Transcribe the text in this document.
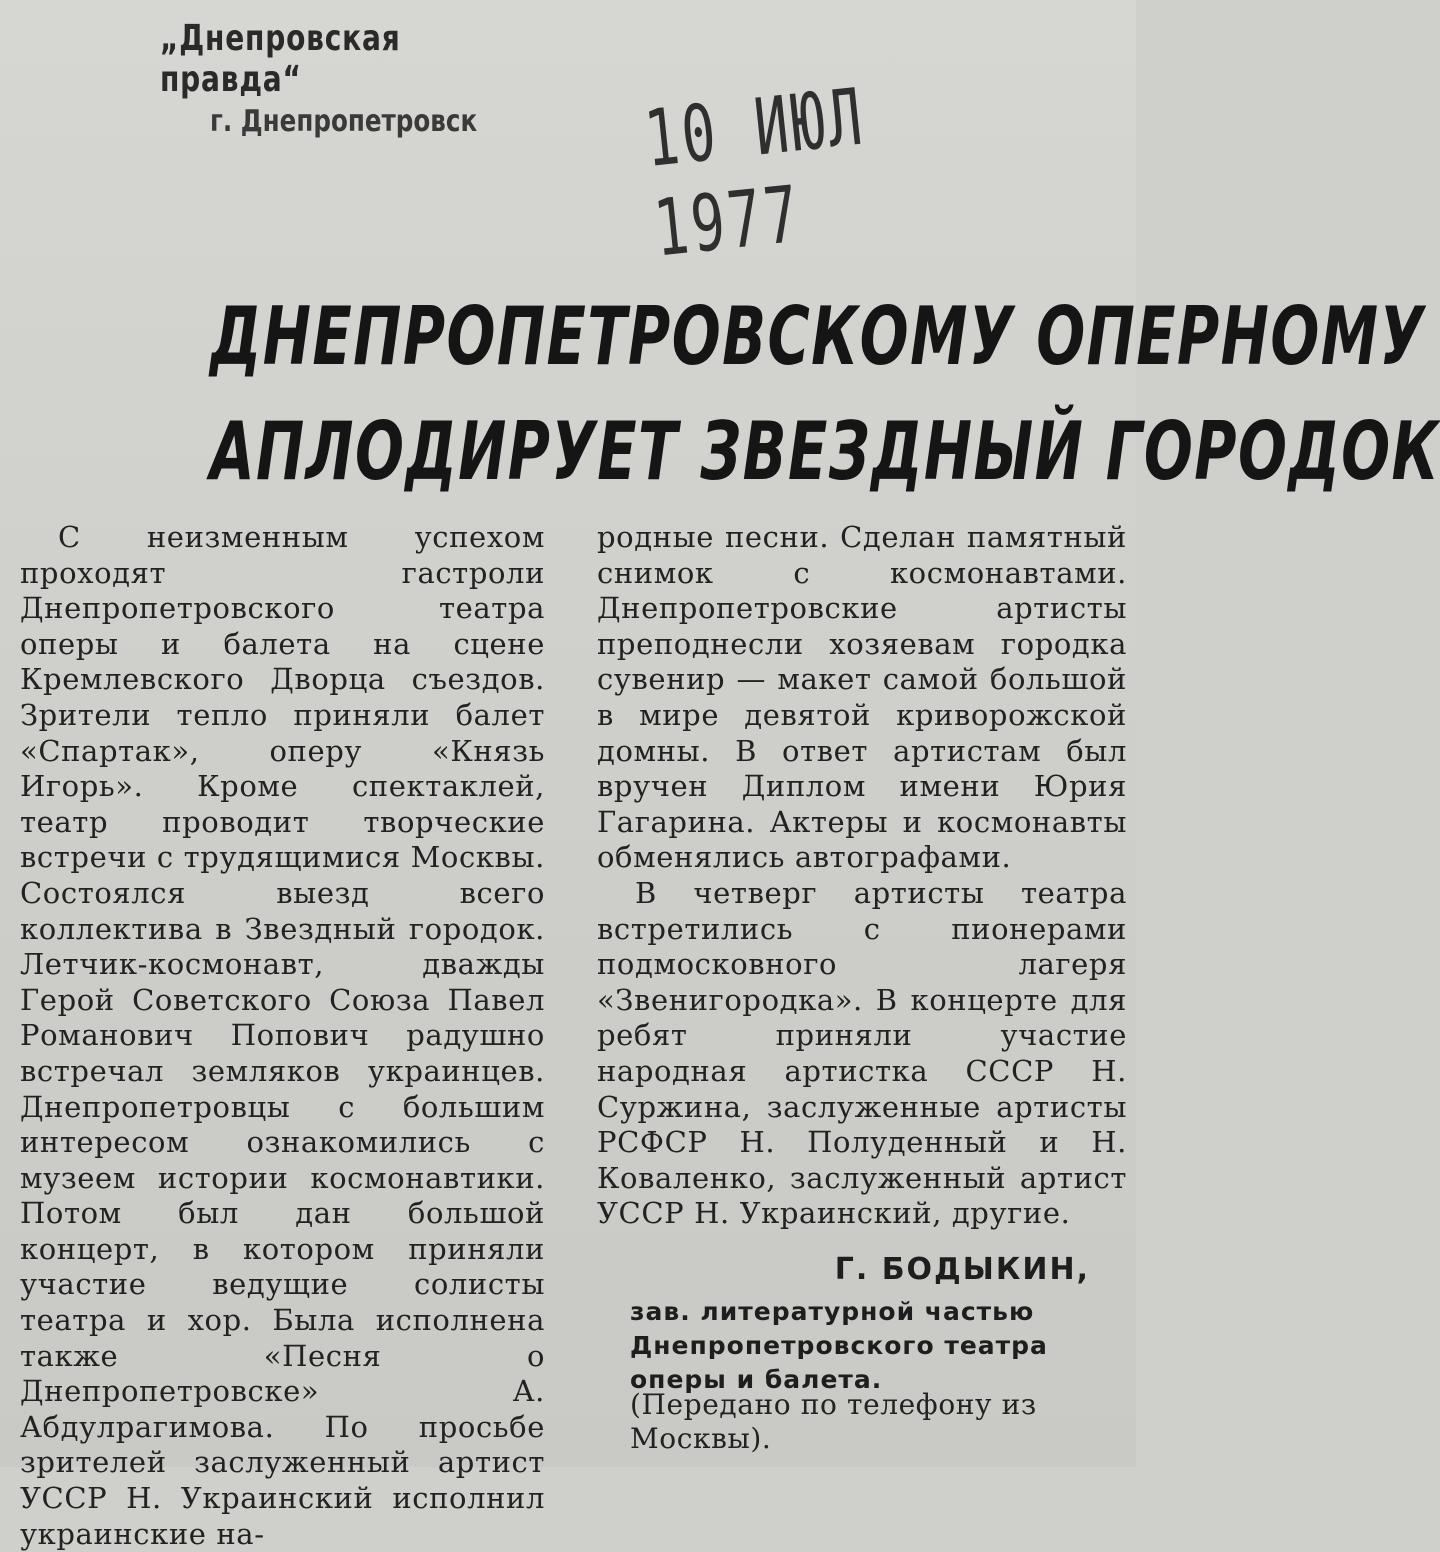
„Днепровская правда“
г. Днепропетровск	10 ИЮЛ 1977
ДНЕПРОПЕТРОВСКОМУ ОПЕРНОМУ
АПЛОДИРУЕТ ЗВЕЗДНЫЙ ГОРОДОК

С неизменным успехом проходят гастроли Днепропетровского театра оперы и балета на сцене Кремлевского Дворца съездов. Зрители тепло приняли балет «Спартак», оперу «Князь Игорь». Кроме спектаклей, театр проводит творческие встречи с трудящимися Москвы. Состоялся выезд всего коллектива в Звездный городок. Летчик-космонавт, дважды Герой Советского Союза Павел Романович Попович радушно встречал земляков украинцев. Днепропетровцы с большим интересом ознакомились с музеем истории космонавтики. Потом был дан большой концерт, в котором приняли участие ведущие солисты театра и хор. Была исполнена также «Песня о Днепропетровске» А. Абдулрагимова. По просьбе зрителей заслуженный артист УССР Н. Украинский исполнил украинские на-

родные песни. Сделан памятный снимок с космонавтами. Днепропетровские артисты преподнесли хозяевам городка сувенир — макет самой большой в мире девятой криворожской домны. В ответ артистам был вручен Диплом имени Юрия Гагарина. Актеры и космонавты обменялись автографами.

В четверг артисты театра встретились с пионерами подмосковного лагеря «Звенигородка». В концерте для ребят приняли участие народная артистка СССР Н. Суржина, заслуженные артисты РСФСР Н. Полуденный и Н. Коваленко, заслуженный артист УССР Н. Украинский, другие.

Г. БОДЫКИН,
зав. литературной частью
Днепропетровского театра
оперы и балета.
(Передано по телефону из Москвы).
